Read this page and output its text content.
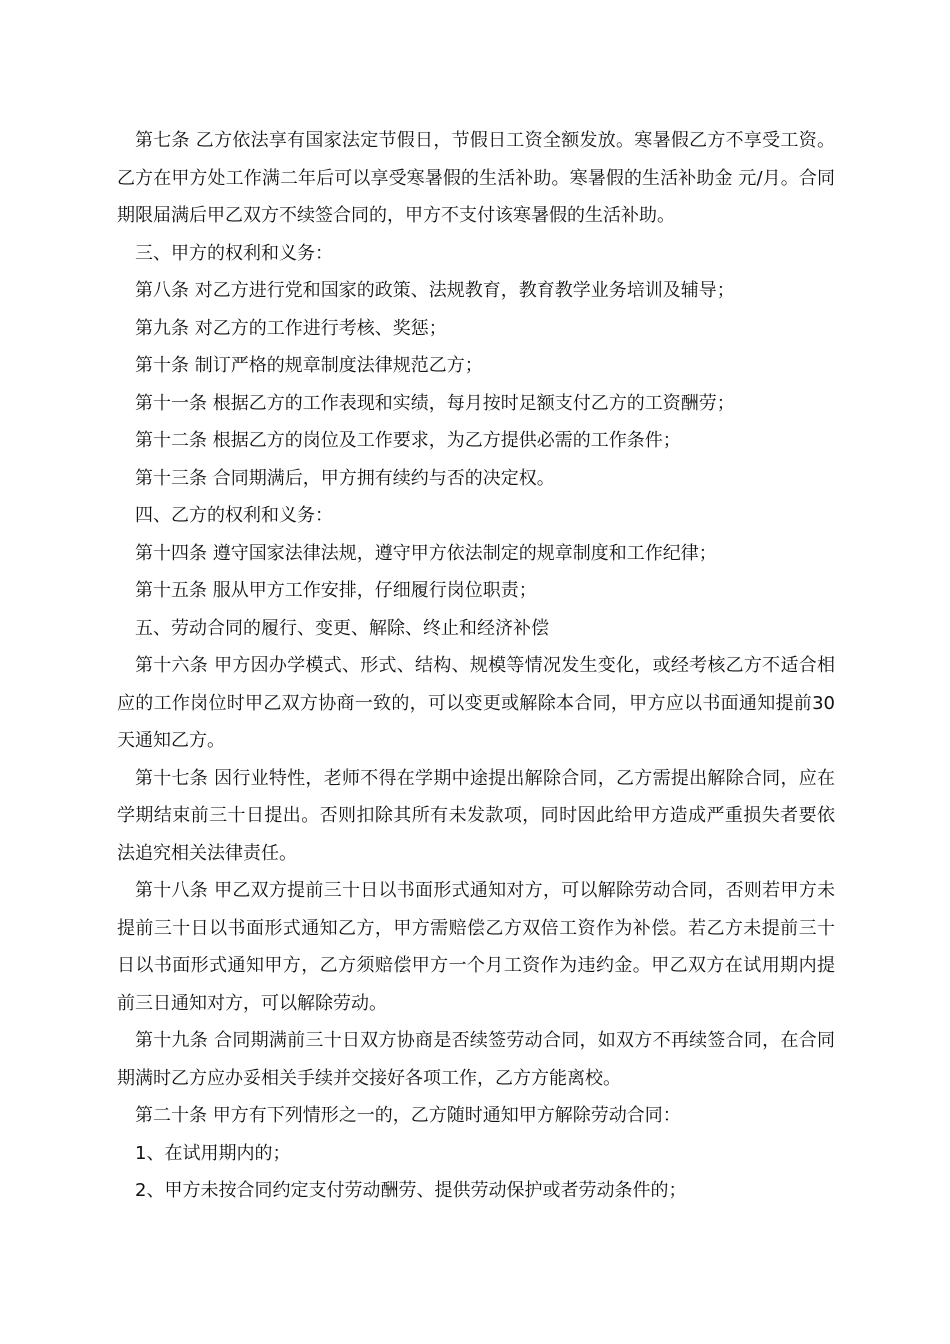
第七条 乙方依法享有国家法定节假日，节假日工资全额发放。寒暑假乙方不享受工资。乙方在甲方处工作满二年后可以享受寒暑假的生活补助。寒暑假的生活补助金 元/月。合同期限届满后甲乙双方不续签合同的，甲方不支付该寒暑假的生活补助。

三、甲方的权利和义务：

第八条 对乙方进行党和国家的政策、法规教育，教育教学业务培训及辅导；

第九条 对乙方的工作进行考核、奖惩；

第十条 制订严格的规章制度法律规范乙方；

第十一条 根据乙方的工作表现和实绩，每月按时足额支付乙方的工资酬劳；

第十二条 根据乙方的岗位及工作要求，为乙方提供必需的工作条件；

第十三条 合同期满后，甲方拥有续约与否的决定权。

四、乙方的权利和义务：

第十四条 遵守国家法律法规，遵守甲方依法制定的规章制度和工作纪律；

第十五条 服从甲方工作安排，仔细履行岗位职责；

五、劳动合同的履行、变更、解除、终止和经济补偿

第十六条 甲方因办学模式、形式、结构、规模等情况发生变化，或经考核乙方不适合相应的工作岗位时甲乙双方协商一致的，可以变更或解除本合同，甲方应以书面通知提前30天通知乙方。

第十七条 因行业特性，老师不得在学期中途提出解除合同，乙方需提出解除合同，应在学期结束前三十日提出。否则扣除其所有未发款项，同时因此给甲方造成严重损失者要依法追究相关法律责任。

第十八条 甲乙双方提前三十日以书面形式通知对方，可以解除劳动合同，否则若甲方未提前三十日以书面形式通知乙方，甲方需赔偿乙方双倍工资作为补偿。若乙方未提前三十日以书面形式通知甲方，乙方须赔偿甲方一个月工资作为违约金。甲乙双方在试用期内提前三日通知对方，可以解除劳动。

第十九条 合同期满前三十日双方协商是否续签劳动合同，如双方不再续签合同，在合同期满时乙方应办妥相关手续并交接好各项工作，乙方方能离校。

第二十条 甲方有下列情形之一的，乙方随时通知甲方解除劳动合同：

1、在试用期内的；

2、甲方未按合同约定支付劳动酬劳、提供劳动保护或者劳动条件的；
